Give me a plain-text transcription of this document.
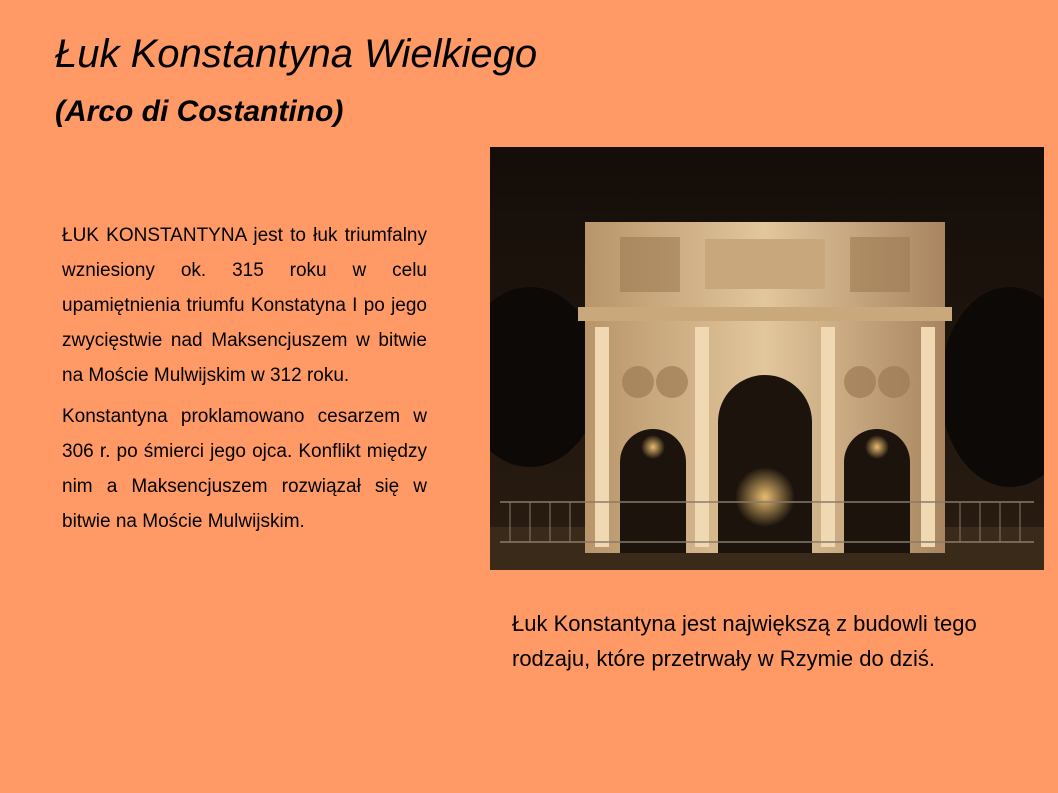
Łuk Konstantyna Wielkiego
(Arco di Costantino)

ŁUK KONSTANTYNA jest to łuk triumfalny wzniesiony ok. 315 roku w celu upamiętnienia triumfu Konstatyna I po jego zwycięstwie nad Maksencjuszem w bitwie na Moście Mulwijskim w 312 roku.

Konstantyna proklamowano cesarzem w 306 r. po śmierci jego ojca. Konflikt między nim a Maksencjuszem rozwiązał się w bitwie na Moście Mulwijskim.

Łuk Konstantyna jest największą z budowli tego rodzaju, które przetrwały w Rzymie do dziś.
